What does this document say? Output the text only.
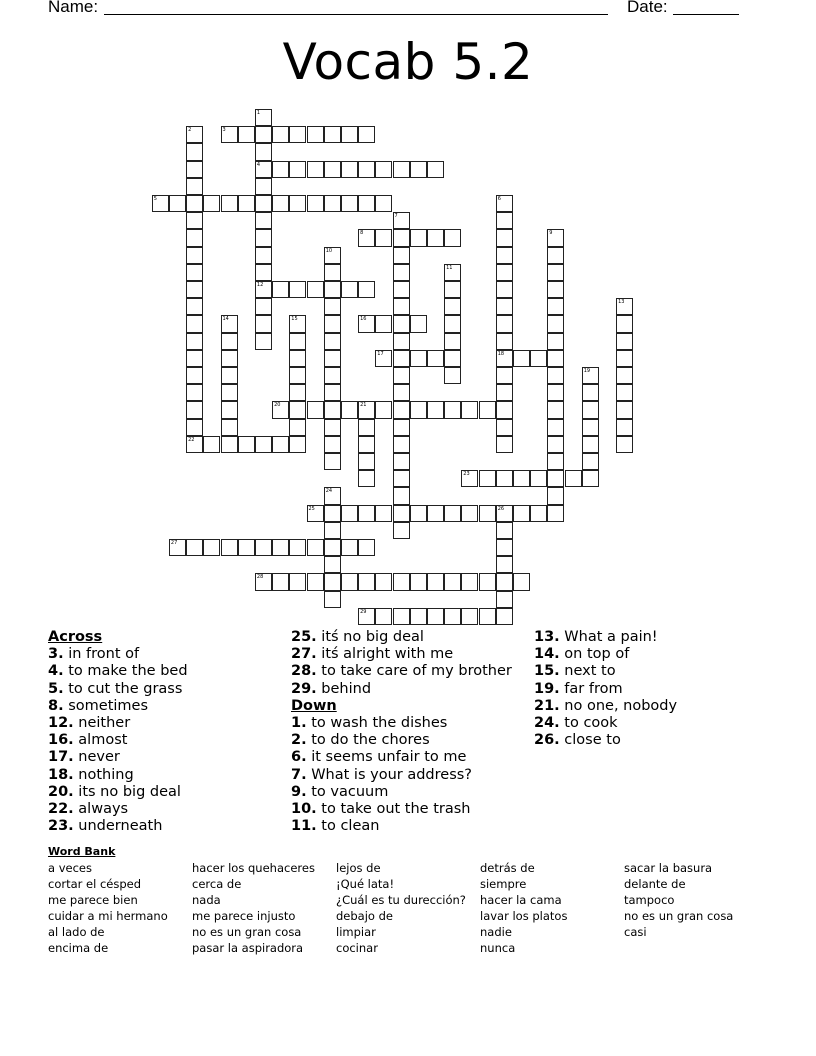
Name:	Date:
Vocab 5.2
1
4
12
2
22
3
5	6
18
7
8	9
10
11
13
14	15	16
17
19
20	21
23
24
25	26
27
28
29
Across
3. in front of
4. to make the bed
5. to cut the grass
8. sometimes
12. neither
16. almost
17. never
18. nothing
20. its no big deal
22. always
23. underneath
25. itś no big deal
27. itś alright with me
28. to take care of my brother
29. behind
Down
1. to wash the dishes
2. to do the chores
6. it seems unfair to me
7. What is your address?
9. to vacuum
10. to take out the trash
11. to clean
13. What a pain!
14. on top of
15. next to
19. far from
21. no one, nobody
24. to cook
26. close to
Word Bank
a veces
cortar el césped
me parece bien
cuidar a mi hermano
al lado de
encima de
hacer los quehaceres
cerca de
nada
me parece injusto
no es un gran cosa
pasar la aspiradora
lejos de
¡Qué lata!
¿Cuál es tu durección?
debajo de
limpiar
cocinar
detrás de
siempre
hacer la cama
lavar los platos
nadie
nunca
sacar la basura
delante de
tampoco
no es un gran cosa
casi
